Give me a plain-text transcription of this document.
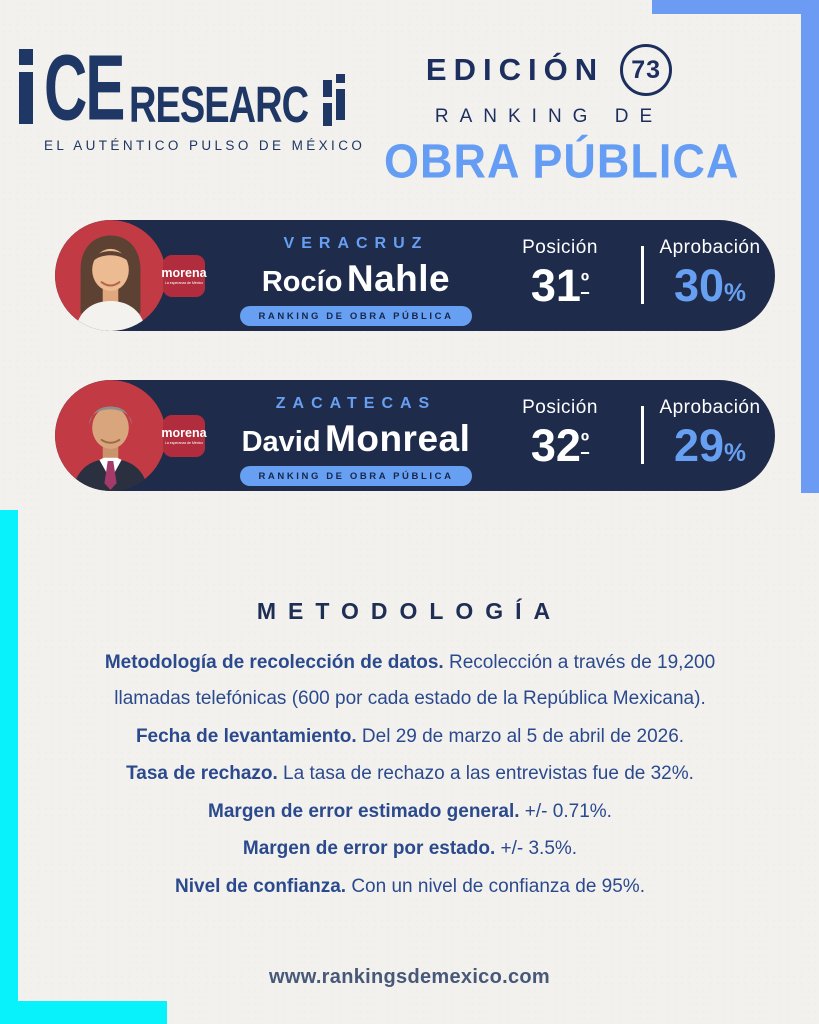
CE RESEARC
EL AUTÉNTICO PULSO DE MÉXICO
EDICIÓN	73
RANKING DE
OBRA PÚBLICA
morena
La esperanza de México
VERACRUZ
Rocío Nahle
RANKING DE OBRA PÚBLICA
Posición
$31^º$
Aprobación
30%
morena
La esperanza de México
ZACATECAS
David Monreal
RANKING DE OBRA PÚBLICA
Posición
$32^º$
Aprobación
29%
METODOLOGÍA

Metodología de recolección de datos. Recolección a través de 19,200 llamadas telefónicas (600 por cada estado de la República Mexicana).

Fecha de levantamiento. Del 29 de marzo al 5 de abril de 2026.

Tasa de rechazo. La tasa de rechazo a las entrevistas fue de 32%.

Margen de error estimado general. +/- 0.71%.

Margen de error por estado. +/- 3.5%.

Nivel de confianza. Con un nivel de confianza de 95%.

www.rankingsdemexico.com
